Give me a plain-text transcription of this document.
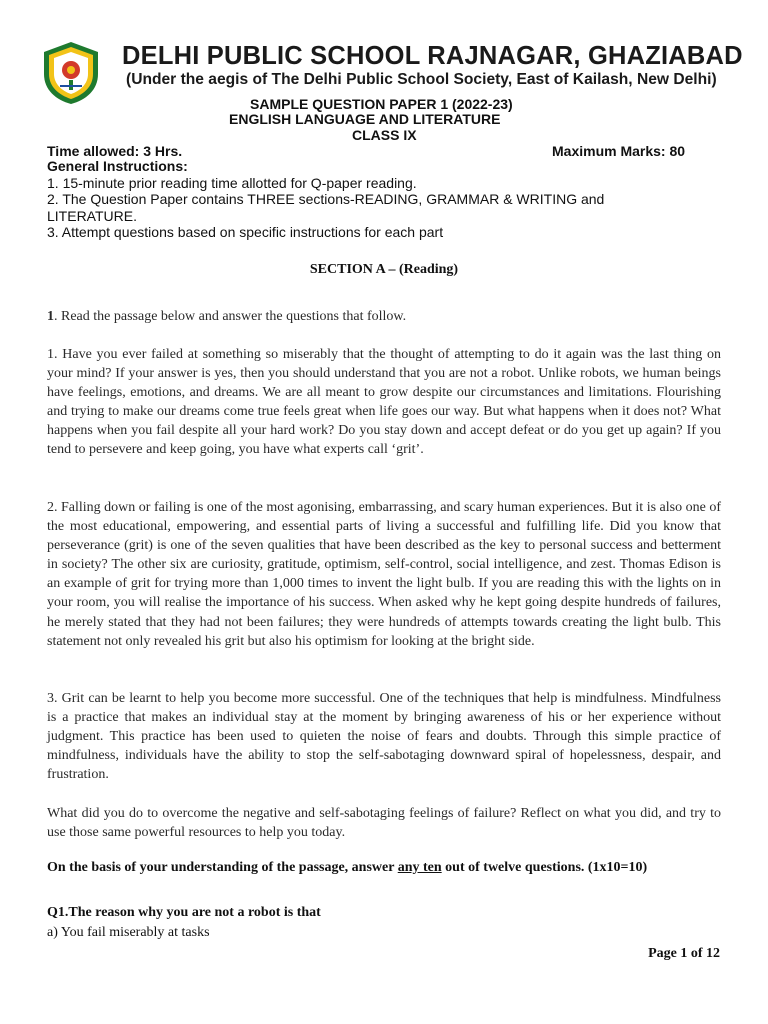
DELHI PUBLIC SCHOOL RAJNAGAR, GHAZIABAD
(Under the aegis of The Delhi Public School Society, East of Kailash, New Delhi)
SAMPLE QUESTION PAPER 1 (2022-23)
ENGLISH LANGUAGE AND LITERATURE
CLASS IX
Time allowed: 3 Hrs.	Maximum Marks: 80
General Instructions:
1. 15-minute prior reading time allotted for Q-paper reading.
2. The Question Paper contains THREE sections-READING, GRAMMAR & WRITING and LITERATURE.
3. Attempt questions based on specific instructions for each part
SECTION A – (Reading)
1. Read the passage below and answer the questions that follow.
1. Have you ever failed at something so miserably that the thought of attempting to do it again was the last thing on your mind? If your answer is yes, then you should understand that you are not a robot. Unlike robots, we human beings have feelings, emotions, and dreams. We are all meant to grow despite our circumstances and limitations. Flourishing and trying to make our dreams come true feels great when life goes our way. But what happens when it does not? What happens when you fail despite all your hard work? Do you stay down and accept defeat or do you get up again? If you tend to persevere and keep going, you have what experts call ‘grit’.
2. Falling down or failing is one of the most agonising, embarrassing, and scary human experiences. But it is also one of the most educational, empowering, and essential parts of living a successful and fulfilling life. Did you know that perseverance (grit) is one of the seven qualities that have been described as the key to personal success and betterment in society? The other six are curiosity, gratitude, optimism, self-control, social intelligence, and zest. Thomas Edison is an example of grit for trying more than 1,000 times to invent the light bulb. If you are reading this with the lights on in your room, you will realise the importance of his success. When asked why he kept going despite hundreds of failures, he merely stated that they had not been failures; they were hundreds of attempts towards creating the light bulb. This statement not only revealed his grit but also his optimism for looking at the bright side.
3. Grit can be learnt to help you become more successful. One of the techniques that help is mindfulness. Mindfulness is a practice that makes an individual stay at the moment by bringing awareness of his or her experience without judgment. This practice has been used to quieten the noise of fears and doubts. Through this simple practice of mindfulness, individuals have the ability to stop the self-sabotaging downward spiral of hopelessness, despair, and frustration.
What did you do to overcome the negative and self-sabotaging feelings of failure? Reflect on what you did, and try to use those same powerful resources to help you today.
On the basis of your understanding of the passage, answer any ten out of twelve questions. (1x10=10)
Q1.The reason why you are not a robot is that
a) You fail miserably at tasks
Page 1 of 12
